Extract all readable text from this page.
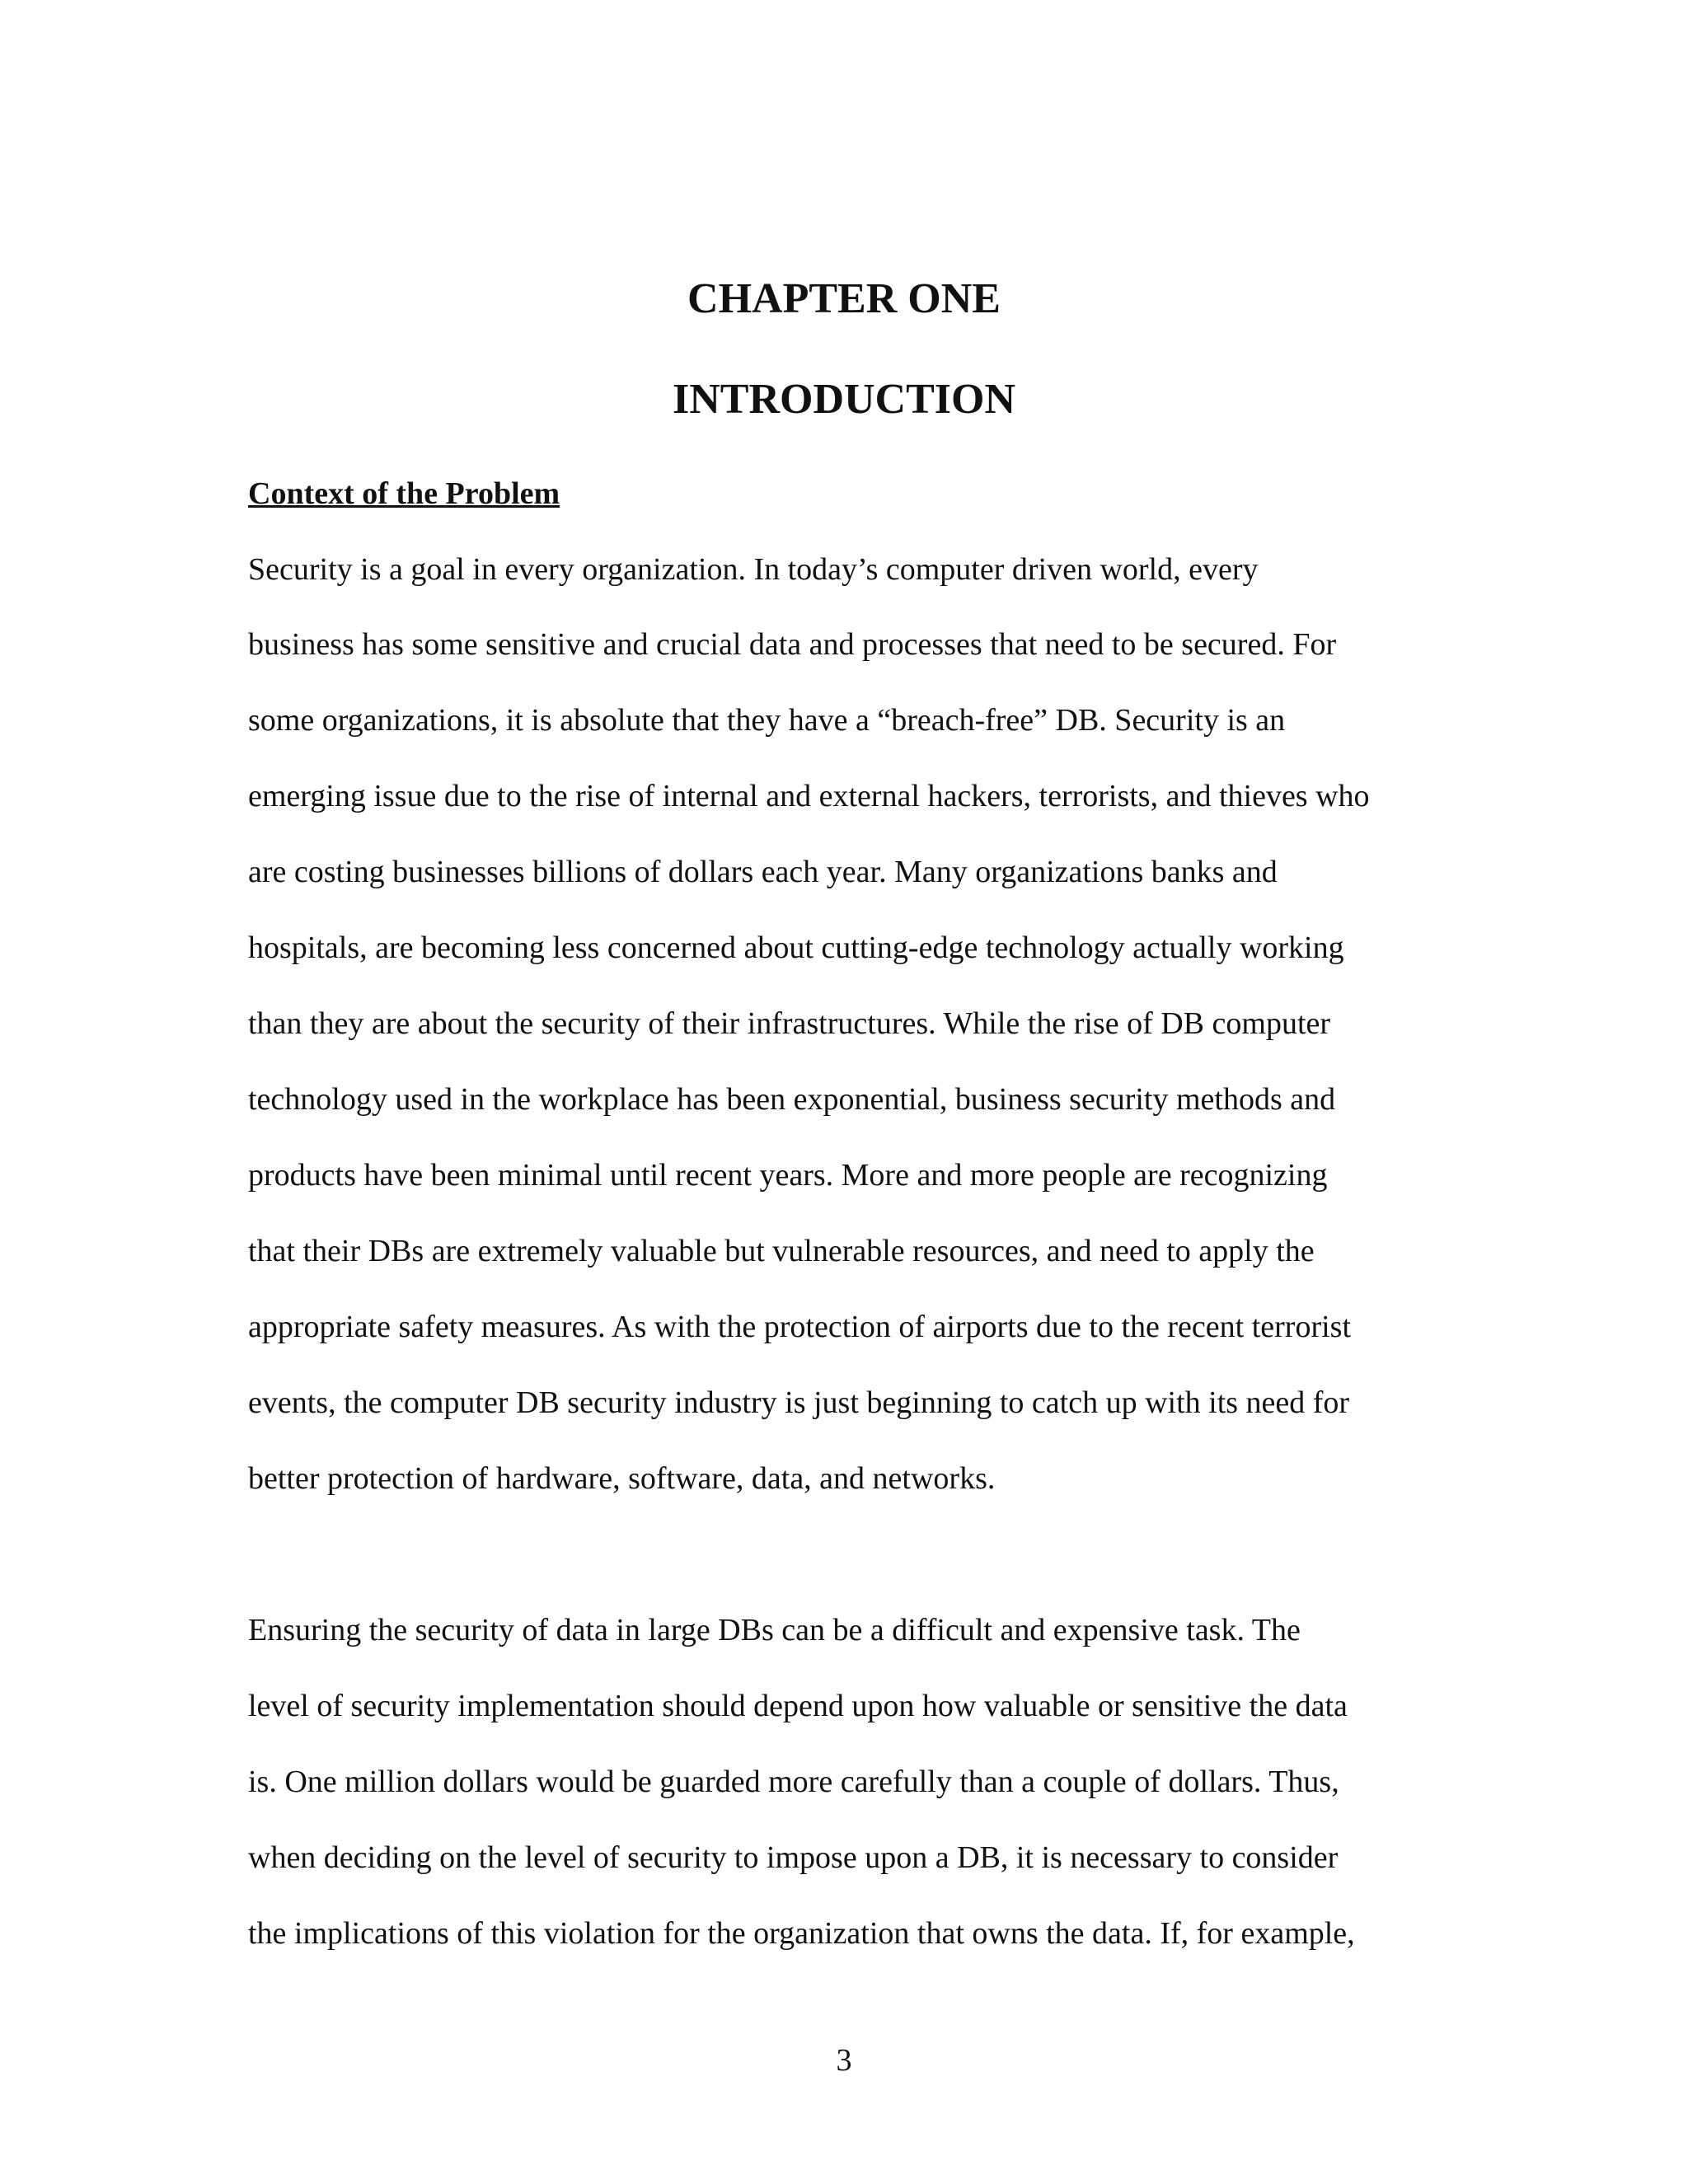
CHAPTER ONE
INTRODUCTION
Context of the Problem

Security is a goal in every organization. In today’s computer driven world, every

business has some sensitive and crucial data and processes that need to be secured. For

some organizations, it is absolute that they have a “breach-free” DB. Security is an

emerging issue due to the rise of internal and external hackers, terrorists, and thieves who

are costing businesses billions of dollars each year. Many organizations banks and

hospitals, are becoming less concerned about cutting-edge technology actually working

than they are about the security of their infrastructures. While the rise of DB computer

technology used in the workplace has been exponential, business security methods and

products have been minimal until recent years. More and more people are recognizing

that their DBs are extremely valuable but vulnerable resources, and need to apply the

appropriate safety measures. As with the protection of airports due to the recent terrorist

events, the computer DB security industry is just beginning to catch up with its need for

better protection of hardware, software, data, and networks.

Ensuring the security of data in large DBs can be a difficult and expensive task. The

level of security implementation should depend upon how valuable or sensitive the data

is. One million dollars would be guarded more carefully than a couple of dollars. Thus,

when deciding on the level of security to impose upon a DB, it is necessary to consider

the implications of this violation for the organization that owns the data. If, for example,

3
